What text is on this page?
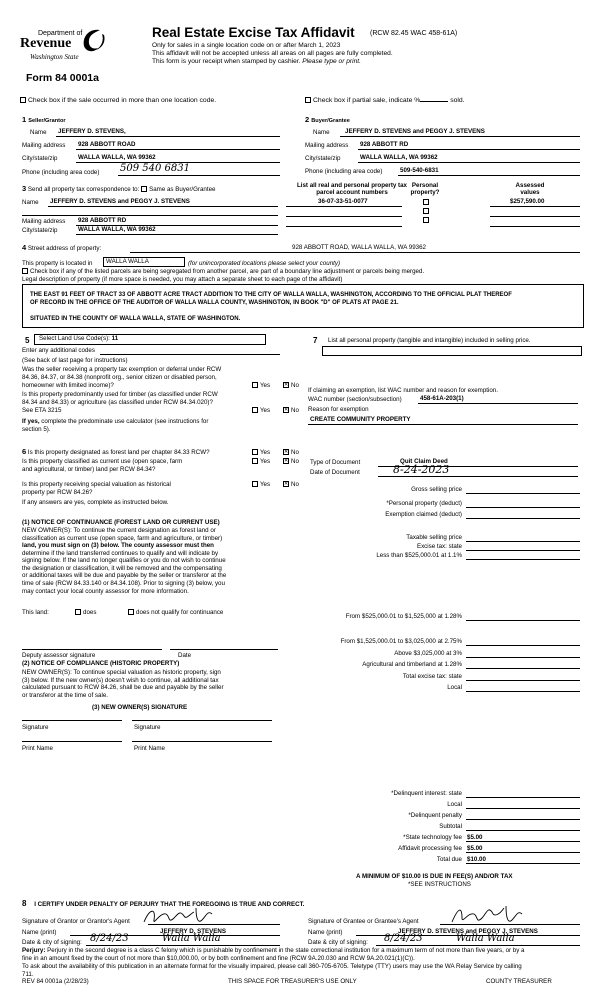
Department of
Revenue
Washington State
Form 84 0001a
Real Estate Excise Tax Affidavit (RCW 82.45 WAC 458-61A)
Only for sales in a single location code on or after March 1, 2023
This affidavit will not be accepted unless all areas on all pages are fully completed.
This form is your receipt when stamped by cashier. Please type or print.
Check box if the sale occurred in more than one location code.	Check box if partial sale, indicate %	sold.
1 Seller/Grantor
Name JEFFERY D. STEVENS,
Mailing address 928 ABBOTT ROAD
City/state/zip	WALLA WALLA, WA 99362
Phone (including area code) 509 540 6831
2 Buyer/Grantee
Name JEFFERY D. STEVENS and PEGGY J. STEVENS
Mailing address 928 ABBOTT RD
City/state/zip	WALLA WALLA, WA 99362
Phone (including area code)	509-540-6831
3 Send all property tax correspondence to: Same as Buyer/Grantee
Name JEFFERY D. STEVENS and PEGGY J. STEVENS
Mailing address 928 ABBOTT RD
City/state/zip	WALLA WALLA, WA 99362
List all real and personal property tax
parcel account numbers
Personal
property?
Assessed
values
36-07-33-51-0077	$257,590.00
4 Street address of property:	928 ABBOTT ROAD, WALLA WALLA, WA 99362
This property is located in	WALLA WALLA	(for unincorporated locations please select your county)
Check box if any of the listed parcels are being segregated from another parcel, are part of a boundary line adjustment or parcels being merged.
Legal description of property (if more space is needed, you may attach a separate sheet to each page of the affidavit)
THE EAST 91 FEET OF TRACT 33 OF ABBOTT ACRE TRACT ADDITION TO THE CITY OF WALLA WALLA, WASHINGTON, ACCORDING TO THE OFFICIAL PLAT THEREOF
OF RECORD IN THE OFFICE OF THE AUDITOR OF WALLA WALLA COUNTY, WASHINGTON, IN BOOK "D" OF PLATS AT PAGE 21.
SITUATED IN THE COUNTY OF WALLA WALLA, STATE OF WASHINGTON.
5	Select Land Use Code(s): 11
Enter any additional codes
(See back of last page for instructions)
Was the seller receiving a property tax exemption or deferral under RCW
84.36, 84.37, or 84.38 (nonprofit org., senior citizen or disabled person,
homeowner with limited income)?	Yes	✕ No
Is this property predominantly used for timber (as classified under RCW
84.34 and 84.33) or agriculture (as classified under RCW 84.34.020)?
See ETA 3215	Yes	✕ No
If yes, complete the predominate use calculator (see instructions for
section 5).
7 List all personal property (tangible and intangible) included in selling price.
If claiming an exemption, list WAC number and reason for exemption.
WAC number (section/subsection)	458-61A-203(1)
Reason for exemption
CREATE COMMUNITY PROPERTY
6 Is this property designated as forest land per chapter 84.33 RCW?	Yes	✕ No
Is this property classified as current use (open space, farm
and agricultural, or timber) land per RCW 84.34?
Yes	✕ No
Is this property receiving special valuation as historical
property per RCW 84.26?
Yes	✕ No
If any answers are yes, complete as instructed below.
(1) NOTICE OF CONTINUANCE (FOREST LAND OR CURRENT USE)
NEW OWNER(S): To continue the current designation as forest land or
classification as current use (open space, farm and agriculture, or timber)
land, you must sign on (3) below. The county assessor must then
determine if the land transferred continues to qualify and will indicate by
signing below. If the land no longer qualifies or you do not wish to continue
the designation or classification, it will be removed and the compensating
or additional taxes will be due and payable by the seller or transferor at the
time of sale (RCW 84.33.140 or 84.34.108). Prior to signing (3) below, you
may contact your local county assessor for more information.
This land:	does	does not qualify for continuance
Deputy assessor signature	Date
(2) NOTICE OF COMPLIANCE (HISTORIC PROPERTY)
NEW OWNER(S): To continue special valuation as historic property, sign
(3) below. If the new owner(s) doesn't wish to continue, all additional tax
calculated pursuant to RCW 84.26, shall be due and payable by the seller
or transferor at the time of sale.
(3) NEW OWNER(S) SIGNATURE
Signature	Signature
Print Name	Print Name
Type of Document	Quit Claim Deed
Date of Document	8-24-2023
Gross selling price
*Personal property (deduct)
Exemption claimed (deduct)
Taxable selling price
Excise tax: state
Less than $525,000.01 at 1.1%
From $525,000.01 to $1,525,000 at 1.28%
From $1,525,000.01 to $3,025,000 at 2.75%
Above $3,025,000 at 3%
Agricultural and timberland at 1.28%
Total excise tax: state
Local
*Delinquent interest: state
Local
*Delinquent penalty
Subtotal
*State technology fee $5.00
Affidavit processing fee $5.00
Total due $10.00
A MINIMUM OF $10.00 IS DUE IN FEE(S) AND/OR TAX
*SEE INSTRUCTIONS
8 I CERTIFY UNDER PENALTY OF PERJURY THAT THE FOREGOING IS TRUE AND CORRECT.
Signature of Grantor or Grantor's Agent
Name (print)	JEFFERY D. STEVENS
Date & city of signing: 8/24/23	Walla Walla
Signature of Grantee or Grantee's Agent
Name (print)	JEFFERY D. STEVENS and PEGGY J. STEVENS
Date & city of signing: 8/24/23	Walla Walla
Perjury: Perjury in the second degree is a class C felony which is punishable by confinement in the state correctional institution for a maximum term of not more than five years, or by a
fine in an amount fixed by the court of not more than $10,000.00, or by both confinement and fine (RCW 9A.20.030 and RCW 9A.20.021(1)(C)).
To ask about the availability of this publication in an alternate format for the visually impaired, please call 360-705-6705. Teletype (TTY) users may use the WA Relay Service by calling
711.
REV 84 0001a (2/28/23)	THIS SPACE FOR TREASURER'S USE ONLY	COUNTY TREASURER
